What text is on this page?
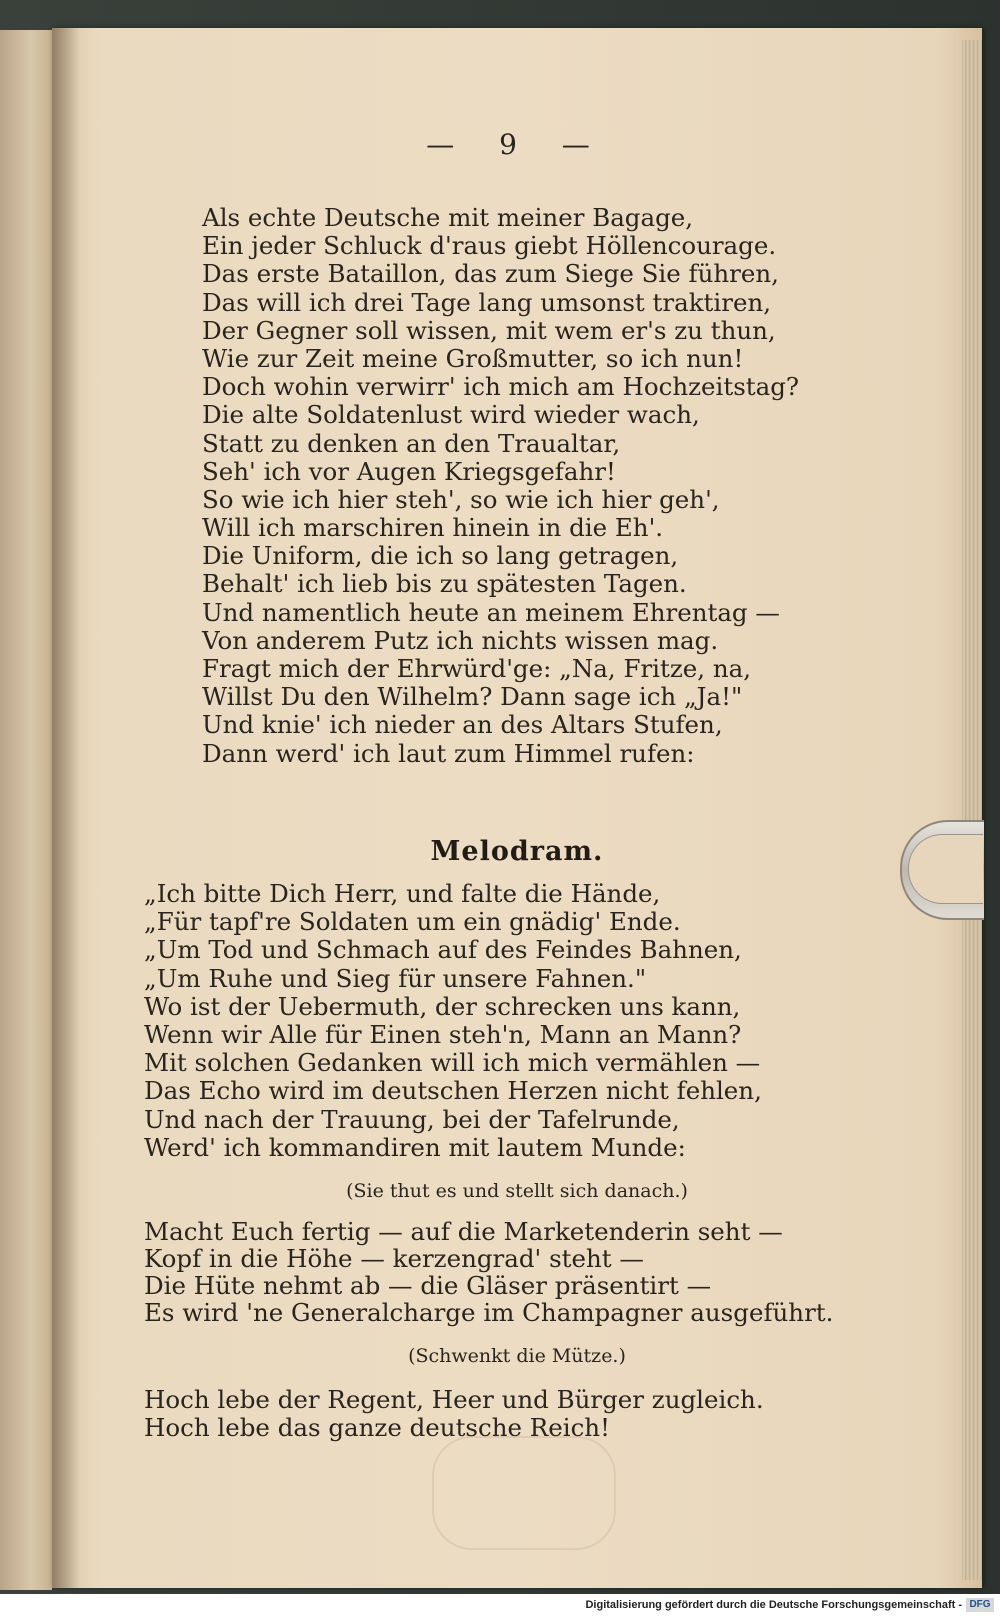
— 9 —
Als echte Deutsche mit meiner Bagage,
Ein jeder Schluck d'raus giebt Höllencourage.
Das erste Bataillon, das zum Siege Sie führen,
Das will ich drei Tage lang umsonst traktiren,
Der Gegner soll wissen, mit wem er's zu thun,
Wie zur Zeit meine Großmutter, so ich nun!
Doch wohin verwirr' ich mich am Hochzeitstag?
Die alte Soldatenlust wird wieder wach,
Statt zu denken an den Traualtar,
Seh' ich vor Augen Kriegsgefahr!
So wie ich hier steh', so wie ich hier geh',
Will ich marschiren hinein in die Eh'.
Die Uniform, die ich so lang getragen,
Behalt' ich lieb bis zu spätesten Tagen.
Und namentlich heute an meinem Ehrentag —
Von anderem Putz ich nichts wissen mag.
Fragt mich der Ehrwürd'ge: „Na, Fritze, na,
Willst Du den Wilhelm? Dann sage ich „Ja!"
Und knie' ich nieder an des Altars Stufen,
Dann werd' ich laut zum Himmel rufen:
Melodram.
„Ich bitte Dich Herr, und falte die Hände,
„Für tapf're Soldaten um ein gnädig' Ende.
„Um Tod und Schmach auf des Feindes Bahnen,
„Um Ruhe und Sieg für unsere Fahnen."
Wo ist der Uebermuth, der schrecken uns kann,
Wenn wir Alle für Einen steh'n, Mann an Mann?
Mit solchen Gedanken will ich mich vermählen —
Das Echo wird im deutschen Herzen nicht fehlen,
Und nach der Trauung, bei der Tafelrunde,
Werd' ich kommandiren mit lautem Munde:
(Sie thut es und stellt sich danach.)
Macht Euch fertig — auf die Marketenderin seht —
Kopf in die Höhe — kerzengrad' steht —
Die Hüte nehmt ab — die Gläser präsentirt —
Es wird 'ne Generalcharge im Champagner ausgeführt.
(Schwenkt die Mütze.)
Hoch lebe der Regent, Heer und Bürger zugleich.
Hoch lebe das ganze deutsche Reich!
Digitalisierung gefördert durch die Deutsche Forschungsgemeinschaft - DFG
